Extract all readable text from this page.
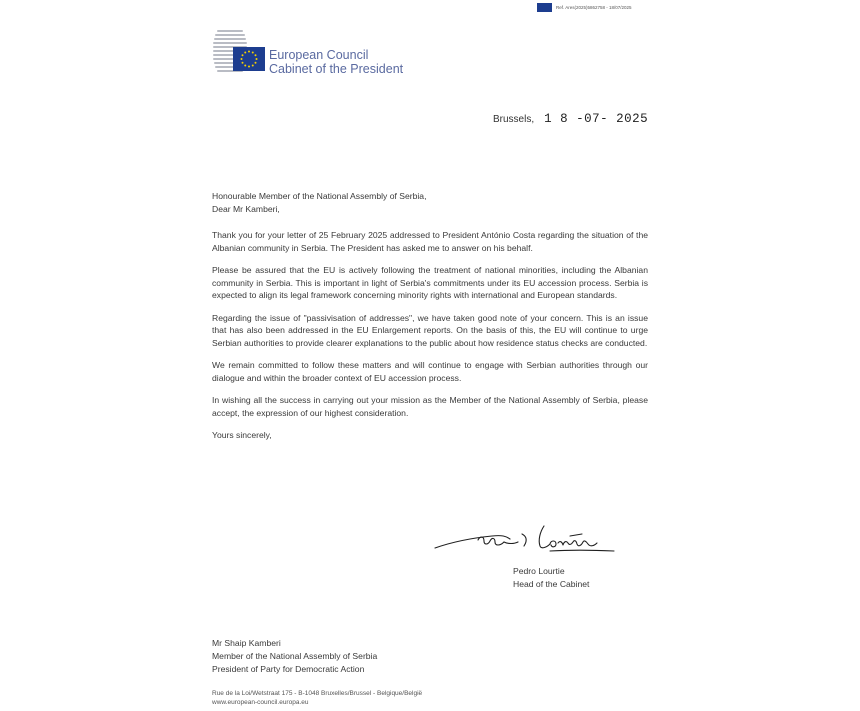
Ref. Ares(2025)5862758 - 18/07/2025
European Council
Cabinet of the President
Brussels, 1 8 -07- 2025

Honourable Member of the National Assembly of Serbia,

Dear Mr Kamberi,

Thank you for your letter of 25 February 2025 addressed to President António Costa regarding the situation of the Albanian community in Serbia. The President has asked me to answer on his behalf.

Please be assured that the EU is actively following the treatment of national minorities, including the Albanian community in Serbia. This is important in light of Serbia's commitments under its EU accession process. Serbia is expected to align its legal framework concerning minority rights with international and European standards.

Regarding the issue of "passivisation of addresses", we have taken good note of your concern. This is an issue that has also been addressed in the EU Enlargement reports. On the basis of this, the EU will continue to urge Serbian authorities to provide clearer explanations to the public about how residence status checks are conducted.

We remain committed to follow these matters and will continue to engage with Serbian authorities through our dialogue and within the broader context of EU accession process.

In wishing all the success in carrying out your mission as the Member of the National Assembly of Serbia, please accept, the expression of our highest consideration.

Yours sincerely,

Pedro Lourtie
Head of the Cabinet
Mr Shaip Kamberi
Member of the National Assembly of Serbia
President of Party for Democratic Action
Rue de la Loi/Wetstraat 175 - B-1048 Bruxelles/Brussel - Belgique/België
www.european-council.europa.eu
